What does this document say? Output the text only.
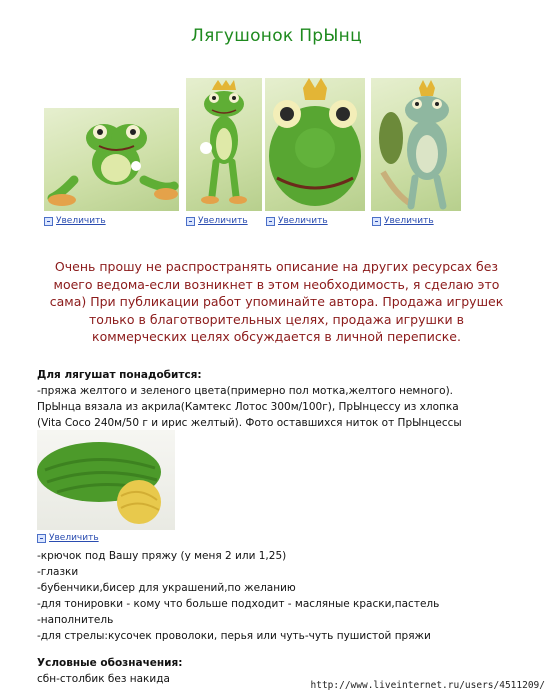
Лягушонок ПрЫнц
Увеличить	Увеличить	Увеличить	Увеличить
Очень прошу не распространять описание на других ресурсах без
моего ведома-если возникнет в этом необходимость, я сделаю это
сама) При публикации работ упоминайте автора. Продажа игрушек
только в благотворительных целях, продажа игрушки в
коммерческих целях обсуждается в личной переписке.
Для лягушат понадобится:
-пряжа желтого и зеленого цвета(примерно пол мотка,желтого немного).
ПрЫнца вязала из акрила(Камтекс Лотос 300м/100г), ПрЫнцессу из хлопка
(Vita Coco 240м/50 г и ирис желтый). Фото оставшихся ниток от ПрЫнцессы
Увеличить
-крючок под Вашу пряжу (у меня 2 или 1,25)
-глазки
-бубенчики,бисер для украшений,по желанию
-для тонировки - кому что больше подходит - масляные краски,пастель
-наполнитель
-для стрелы:кусочек проволоки, перья или чуть-чуть пушистой пряжи
Условные обозначения:
сбн-столбик без накида
http://www.liveinternet.ru/users/4511209/
